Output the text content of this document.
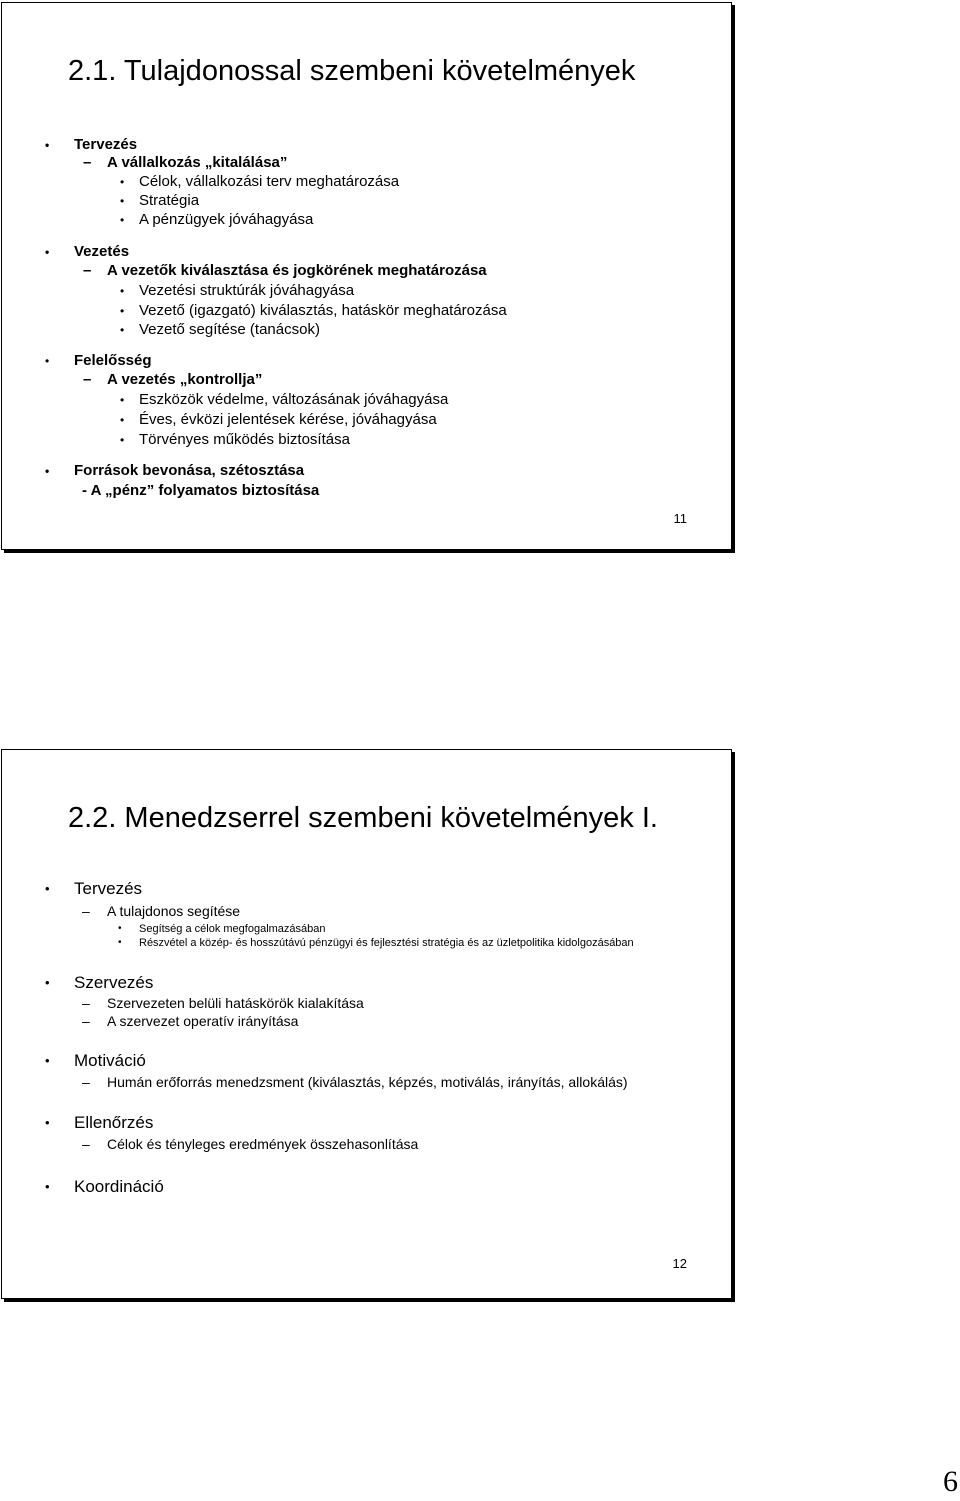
2.1. Tulajdonossal szembeni követelmények
• Tervezés
– A vállalkozás „kitalálása”
• Célok, vállalkozási terv meghatározása
• Stratégia
• A pénzügyek jóváhagyása
• Vezetés
– A vezetők kiválasztása és jogkörének meghatározása
• Vezetési struktúrák jóváhagyása
• Vezető (igazgató) kiválasztás, hatáskör meghatározása
• Vezető segítése (tanácsok)
• Felelősség
– A vezetés „kontrollja”
• Eszközök védelme, változásának jóváhagyása
• Éves, évközi jelentések kérése, jóváhagyása
• Törvényes működés biztosítása
• Források bevonása, szétosztása
- A „pénz” folyamatos biztosítása
11
2.2. Menedzserrel szembeni követelmények I.
• Tervezés
– A tulajdonos segítése
• Segítség a célok megfogalmazásában
• Részvétel a közép- és hosszútávú pénzügyi és fejlesztési stratégia és az üzletpolitika kidolgozásában
• Szervezés
– Szervezeten belüli hatáskörök kialakítása
– A szervezet operatív irányítása
• Motiváció
– Humán erőforrás menedzsment (kiválasztás, képzés, motiválás, irányítás, allokálás)
• Ellenőrzés
– Célok és tényleges eredmények összehasonlítása
• Koordináció
12
6
